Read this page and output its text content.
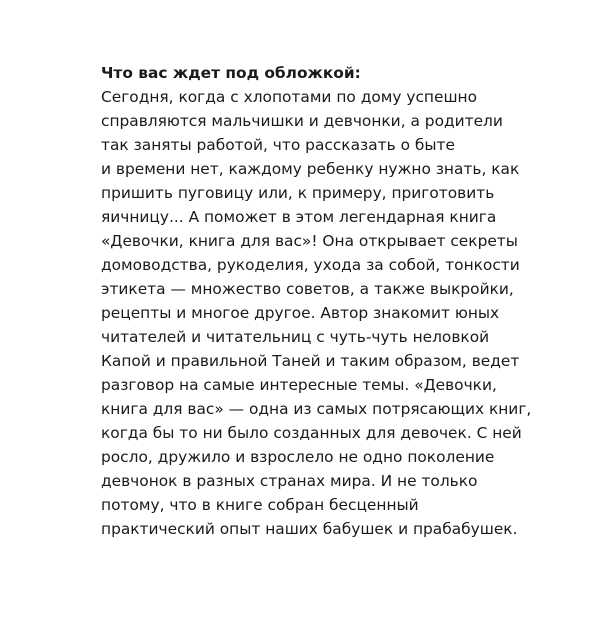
Что вас ждет под обложкой:
Сегодня, когда с хлопотами по дому успешно
справляются мальчишки и девчонки, а родители
так заняты работой, что рассказать о быте
и времени нет, каждому ребенку нужно знать, как
пришить пуговицу или, к примеру, приготовить
яичницу... А поможет в этом легендарная книга
«Девочки, книга для вас»! Она открывает секреты
домоводства, рукоделия, ухода за собой, тонкости
этикета — множество советов, а также выкройки,
рецепты и многое другое. Автор знакомит юных
читателей и читательниц с чуть-чуть неловкой
Капой и правильной Таней и таким образом, ведет
разговор на самые интересные темы. «Девочки,
книга для вас» — одна из самых потрясающих книг,
когда бы то ни было созданных для девочек. С ней
росло, дружило и взрослело не одно поколение
девчонок в разных странах мира. И не только
потому, что в книге собран бесценный
практический опыт наших бабушек и прабабушек.
